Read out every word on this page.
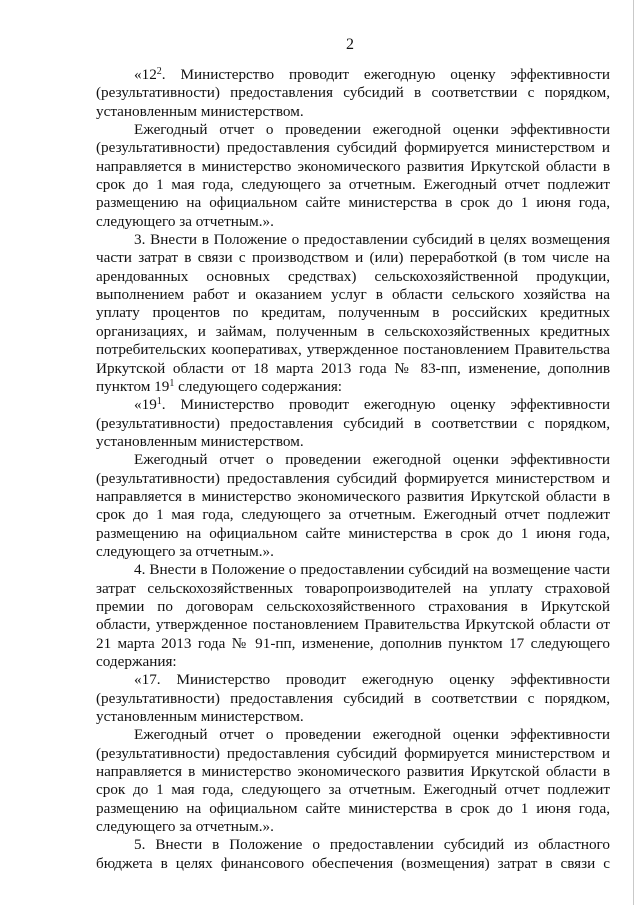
2

«$12^2$. Министерство проводит ежегодную оценку эффективности (результативности) предоставления субсидий в соответствии с порядком, установленным министерством.

Ежегодный отчет о проведении ежегодной оценки эффективности (результативности) предоставления субсидий формируется министерством и направляется в министерство экономического развития Иркутской области в срок до 1 мая года, следующего за отчетным. Ежегодный отчет подлежит размещению на официальном сайте министерства в срок до 1 июня года, следующего за отчетным.».

3. Внести в Положение о предоставлении субсидий в целях возмещения части затрат в связи с производством и (или) переработкой (в том числе на арендованных основных средствах) сельскохозяйственной продукции, выполнением работ и оказанием услуг в области сельского хозяйства на уплату процентов по кредитам, полученным в российских кредитных организациях, и займам, полученным в сельскохозяйственных кредитных потребительских кооперативах, утвержденное постановлением Правительства Иркутской области от 18 марта 2013 года № 83-пп, изменение, дополнив пунктом $19^1$ следующего содержания:

«$19^1$. Министерство проводит ежегодную оценку эффективности (результативности) предоставления субсидий в соответствии с порядком, установленным министерством.

Ежегодный отчет о проведении ежегодной оценки эффективности (результативности) предоставления субсидий формируется министерством и направляется в министерство экономического развития Иркутской области в срок до 1 мая года, следующего за отчетным. Ежегодный отчет подлежит размещению на официальном сайте министерства в срок до 1 июня года, следующего за отчетным.».

4. Внести в Положение о предоставлении субсидий на возмещение части затрат сельскохозяйственных товаропроизводителей на уплату страховой премии по договорам сельскохозяйственного страхования в Иркутской области, утвержденное постановлением Правительства Иркутской области от 21 марта 2013 года № 91-пп, изменение, дополнив пунктом 17 следующего содержания:

«17. Министерство проводит ежегодную оценку эффективности (результативности) предоставления субсидий в соответствии с порядком, установленным министерством.

Ежегодный отчет о проведении ежегодной оценки эффективности (результативности) предоставления субсидий формируется министерством и направляется в министерство экономического развития Иркутской области в срок до 1 мая года, следующего за отчетным. Ежегодный отчет подлежит размещению на официальном сайте министерства в срок до 1 июня года, следующего за отчетным.».

5. Внести в Положение о предоставлении субсидий из областного бюджета в целях финансового обеспечения (возмещения) затрат в связи с
